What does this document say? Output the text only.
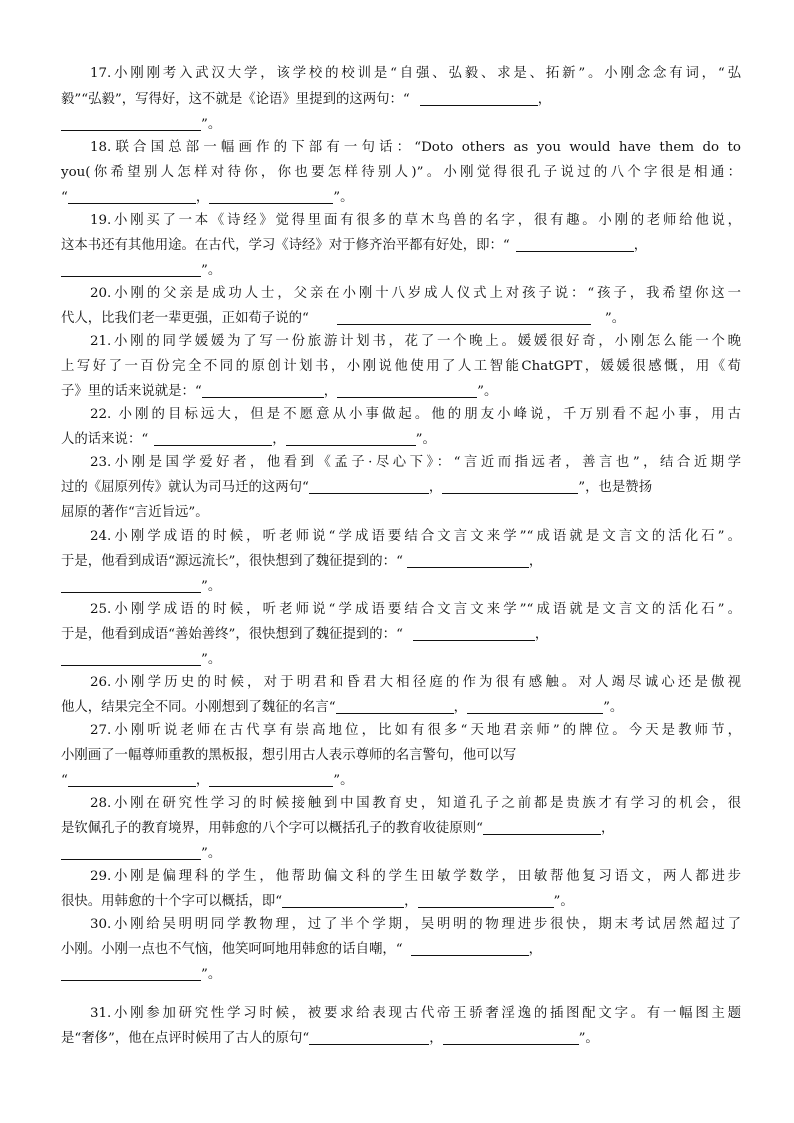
17.小刚刚考入武汉大学，该学校的校训是“自强、弘毅、求是、拓新”。小刚念念有词，“弘
毅”“弘毅”，写得好，这不就是《论语》里提到的这两句：“	，
”。
18.联合国总部一幅画作的下部有一句话：“Doto others as you would have them do to
you(你希望别人怎样对待你，你也要怎样待别人)”。小刚觉得很孔子说过的八个字很是相通：
“	，	”。
19.小刚买了一本《诗经》觉得里面有很多的草木鸟兽的名字，很有趣。小刚的老师给他说，
这本书还有其他用途。在古代，学习《诗经》对于修齐治平都有好处，即：“	，
”。
20.小刚的父亲是成功人士，父亲在小刚十八岁成人仪式上对孩子说：“孩子，我希望你这一
代人，比我们老一辈更强，正如荀子说的“	”。
21.小刚的同学媛媛为了写一份旅游计划书，花了一个晚上。媛媛很好奇，小刚怎么能一个晚
上写好了一百份完全不同的原创计划书，小刚说他使用了人工智能ChatGPT，媛媛很感慨，用《荀
子》里的话来说就是：“	，	”。
22. 小刚的目标远大，但是不愿意从小事做起。他的朋友小峰说，千万别看不起小事，用古
人的话来说：“	，	”。
23.小刚是国学爱好者，他看到《孟子·尽心下》：“言近而指远者，善言也”，结合近期学
过的《屈原列传》就认为司马迁的这两句“	，	”，也是赞扬
屈原的著作“言近旨远”。
24.小刚学成语的时候，听老师说“学成语要结合文言文来学”“成语就是文言文的活化石”。
于是，他看到成语“源远流长”，很快想到了魏征提到的：“	，
”。
25.小刚学成语的时候，听老师说“学成语要结合文言文来学”“成语就是文言文的活化石”。
于是，他看到成语“善始善终”，很快想到了魏征提到的：“	，
”。
26.小刚学历史的时候，对于明君和昏君大相径庭的作为很有感触。对人竭尽诚心还是傲视
他人，结果完全不同。小刚想到了魏征的名言“	，	”。
27.小刚听说老师在古代享有崇高地位，比如有很多“天地君亲师”的牌位。今天是教师节，
小刚画了一幅尊师重教的黑板报，想引用古人表示尊师的名言警句，他可以写
“	，	”。
28.小刚在研究性学习的时候接触到中国教育史，知道孔子之前都是贵族才有学习的机会，很
是钦佩孔子的教育境界，用韩愈的八个字可以概括孔子的教育收徒原则“	，
”。
29.小刚是偏理科的学生，他帮助偏文科的学生田敏学数学，田敏帮他复习语文，两人都进步
很快。用韩愈的十个字可以概括，即“	，	”。
30.小刚给吴明明同学教物理，过了半个学期，吴明明的物理进步很快，期末考试居然超过了
小刚。小刚一点也不气恼，他笑呵呵地用韩愈的话自嘲，“	，
”。
31.小刚参加研究性学习时候，被要求给表现古代帝王骄奢淫逸的插图配文字。有一幅图主题
是“奢侈”，他在点评时候用了古人的原句“	，	”。
